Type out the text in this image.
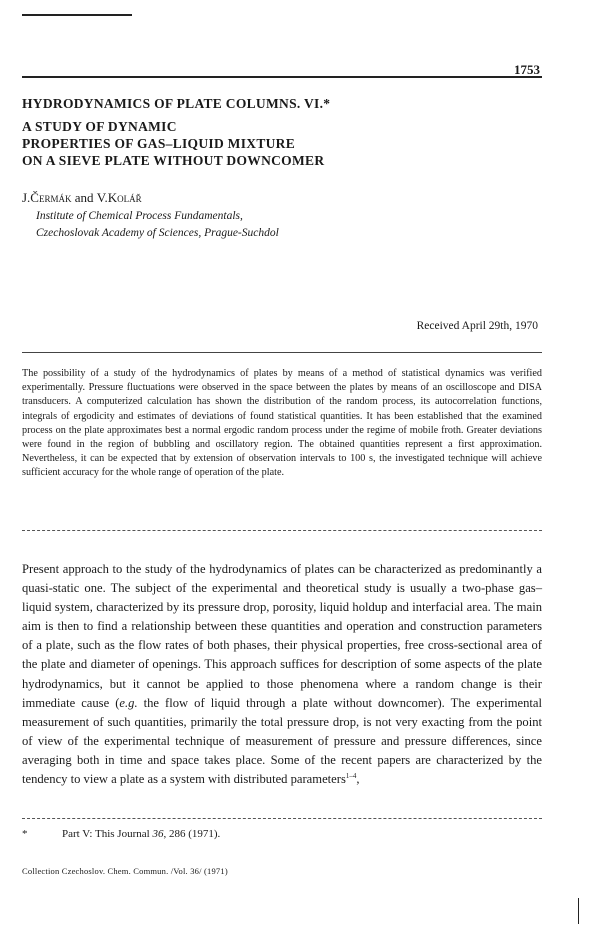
1753
HYDRODYNAMICS OF PLATE COLUMNS. VI.*
A STUDY OF DYNAMIC
PROPERTIES OF GAS–LIQUID MIXTURE
ON A SIEVE PLATE WITHOUT DOWNCOMER
J.Čermák and V.Kolář
Institute of Chemical Process Fundamentals,
Czechoslovak Academy of Sciences, Prague-Suchdol
Received April 29th, 1970
The possibility of a study of the hydrodynamics of plates by means of a method of statistical dynamics was verified experimentally. Pressure fluctuations were observed in the space between the plates by means of an oscilloscope and DISA transducers. A computerized calculation has shown the distribution of the random process, its autocorrelation functions, integrals of ergodicity and estimates of deviations of found statistical quantities. It has been established that the examined process on the plate approximates best a normal ergodic random process under the regime of mobile froth. Greater deviations were found in the region of bubbling and oscillatory region. The obtained quantities represent a first approximation. Nevertheless, it can be expected that by extension of observation intervals to 100 s, the investigated technique will achieve sufficient accuracy for the whole range of operation of the plate.
Present approach to the study of the hydrodynamics of plates can be characterized as predominantly a quasi-static one. The subject of the experimental and theoretical study is usually a two-phase gas–liquid system, characterized by its pressure drop, porosity, liquid holdup and interfacial area. The main aim is then to find a relationship between these quantities and operation and construction parameters of a plate, such as the flow rates of both phases, their physical properties, free cross-sectional area of the plate and diameter of openings. This approach suffices for description of some aspects of the plate hydrodynamics, but it cannot be applied to those phenomena where a random change is their immediate cause (e.g. the flow of liquid through a plate without downcomer). The experimental measurement of such quantities, primarily the total pressure drop, is not very exacting from the point of view of the experimental technique of measurement of pressure and pressure differences, since averaging both in time and space takes place. Some of the recent papers are characterized by the tendency to view a plate as a system with distributed parameters$^{1-4}$,
*	Part V: This Journal 36, 286 (1971).
Collection Czechoslov. Chem. Commun. /Vol. 36/ (1971)
